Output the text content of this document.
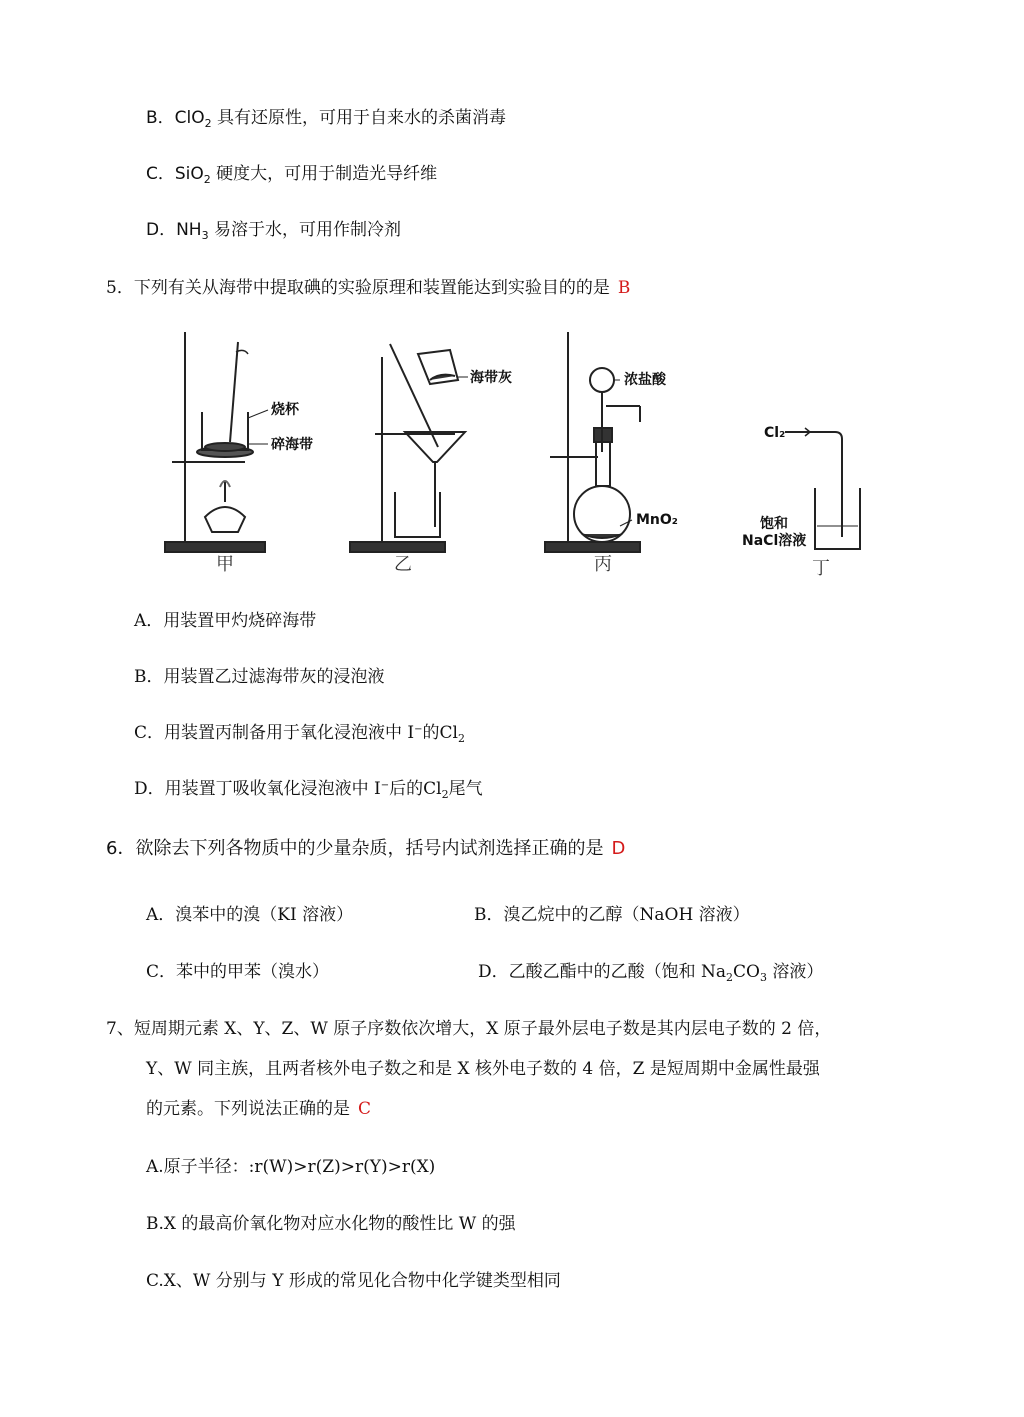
B．ClO$_2$ 具有还原性，可用于自来水的杀菌消毒
C．SiO$_2$ 硬度大，可用于制造光导纤维
D．$NH_3$ 易溶于水，可用作制冷剂
5．下列有关从海带中提取碘的实验原理和装置能达到实验目的的是 B
烧杯
碎海带
甲
海带灰
乙
浓盐酸
MnO₂
丙
Cl₂
饱和
NaCl溶液
丁
A．用装置甲灼烧碎海带
B．用装置乙过滤海带灰的浸泡液
C．用装置丙制备用于氧化浸泡液中 I−的$Cl_2$
D．用装置丁吸收氧化浸泡液中 I−后的$Cl_2$尾气
6．欲除去下列各物质中的少量杂质，括号内试剂选择正确的是 D
A．溴苯中的溴（KI 溶液）	B．溴乙烷中的乙醇（NaOH 溶液）
C．苯中的甲苯（溴水）	D．乙酸乙酯中的乙酸（饱和 $Na_2CO_3$ 溶液）
7、短周期元素 X、Y、Z、W 原子序数依次增大，X 原子最外层电子数是其内层电子数的 2 倍，
Y、W 同主族，且两者核外电子数之和是 X 核外电子数的 4 倍，Z 是短周期中金属性最强
的元素。下列说法正确的是 C
A.原子半径：:r(W)>r(Z)>r(Y)>r(X)
B.X 的最高价氧化物对应水化物的酸性比 W 的强
C.X、W 分别与 Y 形成的常见化合物中化学键类型相同
